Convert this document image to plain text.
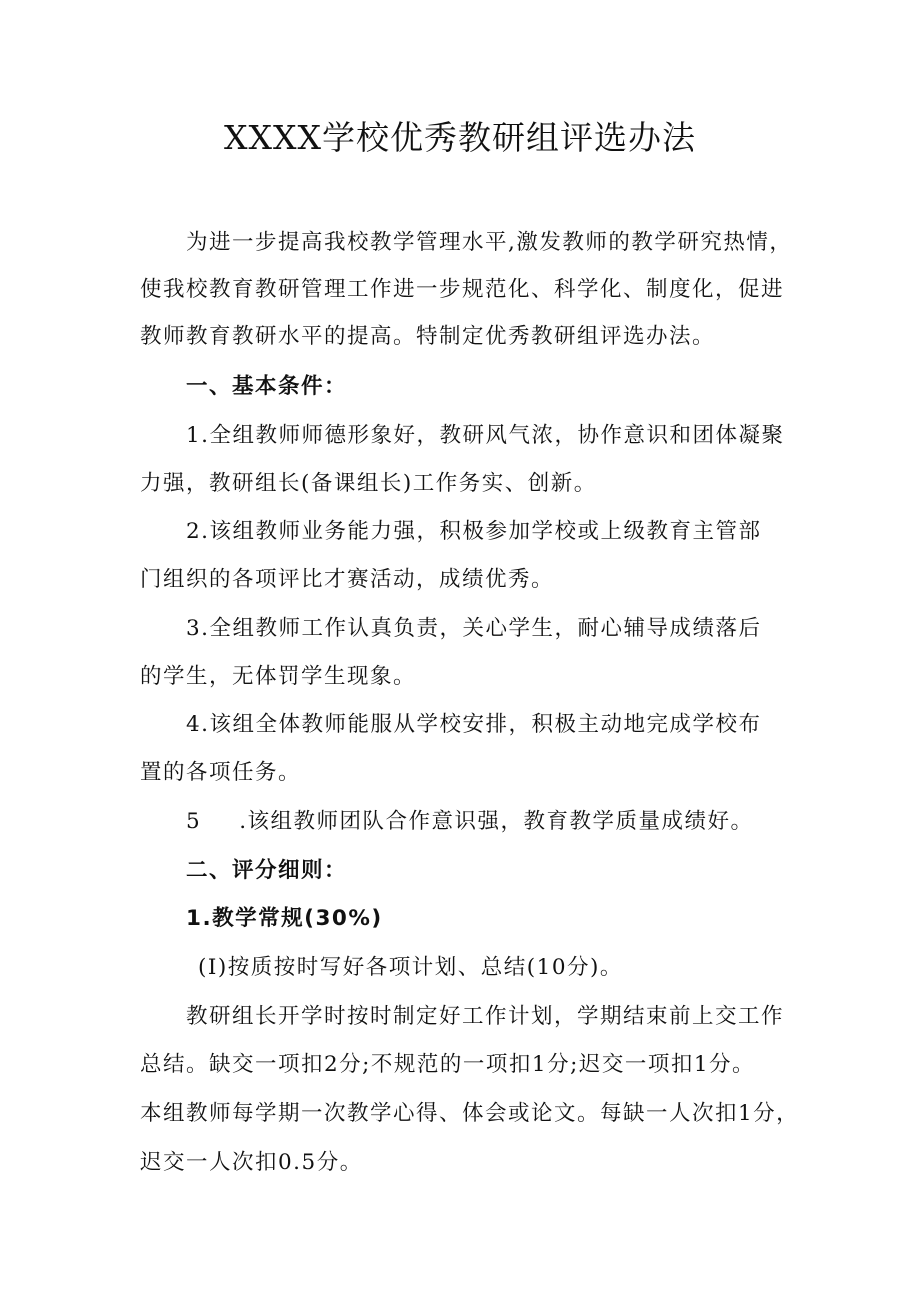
XXXX学校优秀教研组评选办法
为进一步提高我校教学管理水平,激发教师的教学研究热情，
使我校教育教研管理工作进一步规范化、科学化、制度化，促进
教师教育教研水平的提高。特制定优秀教研组评选办法。
一、基本条件：
1.全组教师师德形象好，教研风气浓，协作意识和团体凝聚
力强，教研组长(备课组长)工作务实、创新。
2.该组教师业务能力强，积极参加学校或上级教育主管部
门组织的各项评比才赛活动，成绩优秀。
3.全组教师工作认真负责，关心学生，耐心辅导成绩落后
的学生，无体罚学生现象。
4.该组全体教师能服从学校安排，积极主动地完成学校布
置的各项任务。
5 .该组教师团队合作意识强，教育教学质量成绩好。
二、评分细则：
1.教学常规(30%)
(I)按质按时写好各项计划、总结(10分)。
教研组长开学时按时制定好工作计划，学期结束前上交工作
总结。缺交一项扣2分;不规范的一项扣1分;迟交一项扣1分。
本组教师每学期一次教学心得、体会或论文。每缺一人次扣1分，
迟交一人次扣0.5分。
